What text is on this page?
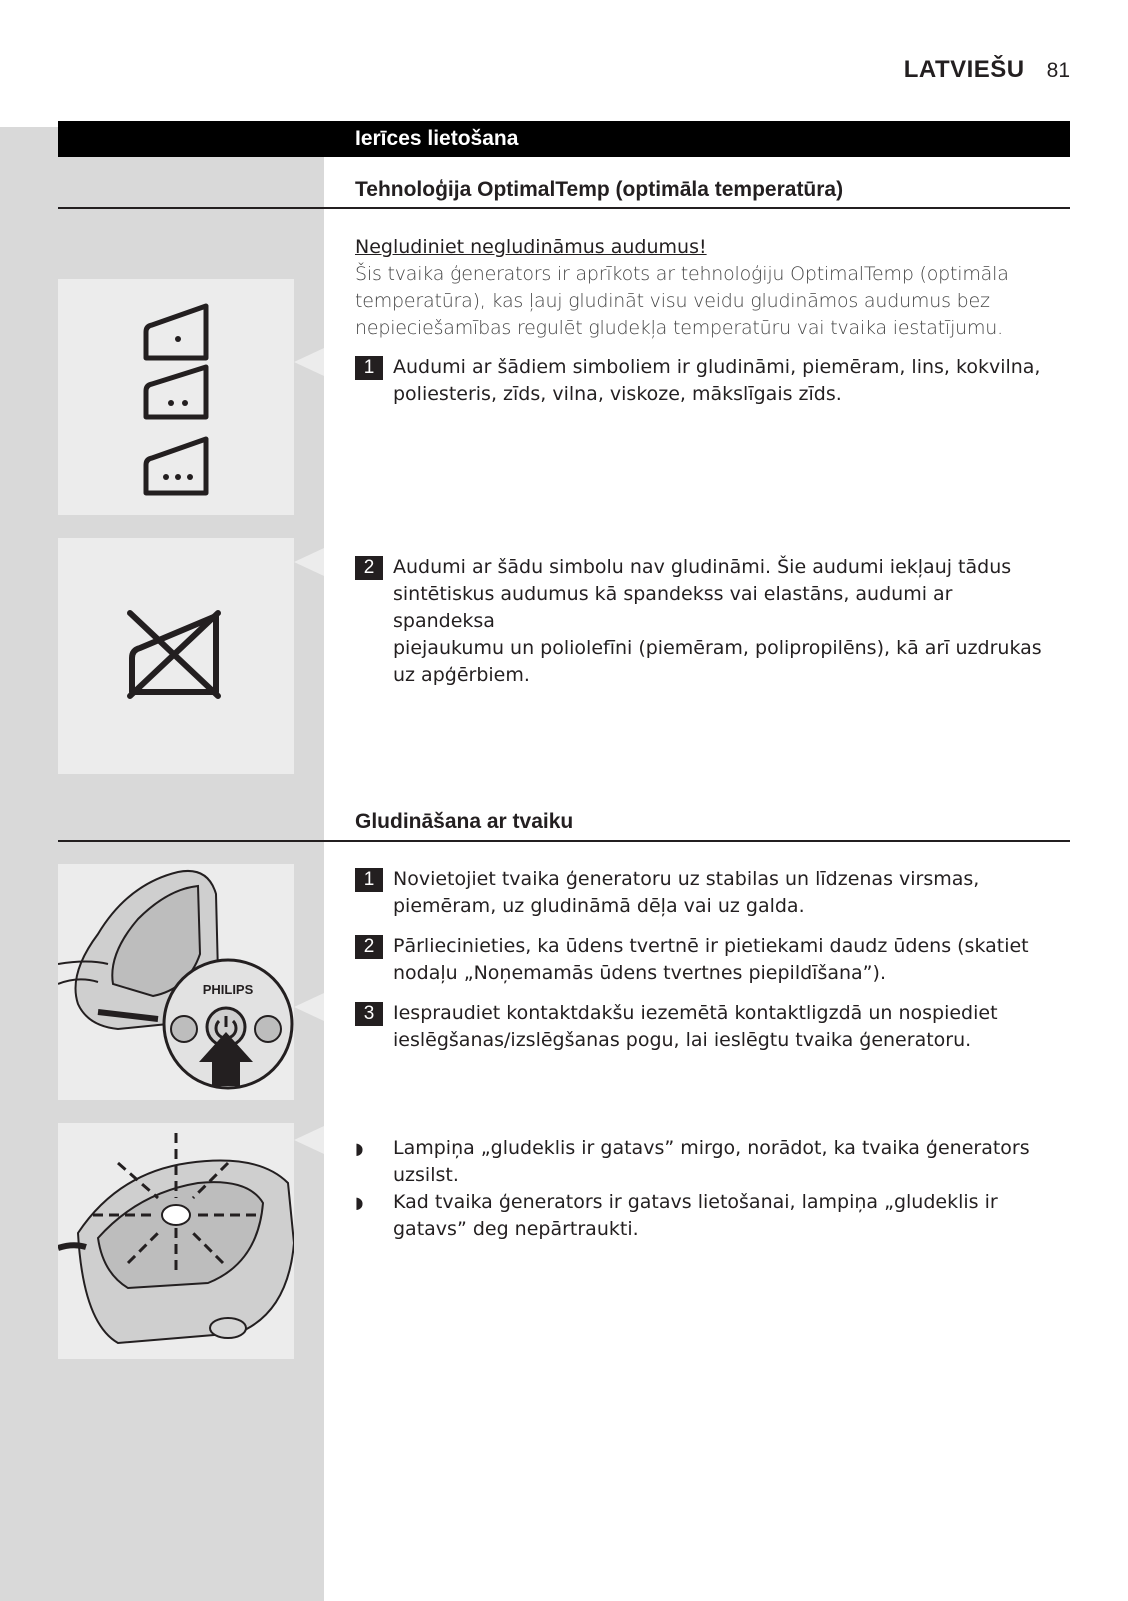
LATVIEŠU 81
Ierīces lietošana
Tehnoloģija OptimalTemp (optimāla temperatūra)
Negludiniet negludināmus audumus!
Šis tvaika ģenerators ir aprīkots ar tehnoloģiju OptimalTemp (optimāla
temperatūra), kas ļauj gludināt visu veidu gludināmos audumus bez
nepieciešamības regulēt gludekļa temperatūru vai tvaika iestatījumu.
1 Audumi ar šādiem simboliem ir gludināmi, piemēram, lins, kokvilna,
poliesteris, zīds, vilna, viskoze, mākslīgais zīds.
2 Audumi ar šādu simbolu nav gludināmi. Šie audumi iekļauj tādus
sintētiskus audumus kā spandekss vai elastāns, audumi ar spandeksa
piejaukumu un poliolefīni (piemēram, polipropilēns), kā arī uzdrukas
uz apģērbiem.
Gludināšana ar tvaiku
1 Novietojiet tvaika ģeneratoru uz stabilas un līdzenas virsmas,
piemēram, uz gludināmā dēļa vai uz galda.
2 Pārliecinieties, ka ūdens tvertnē ir pietiekami daudz ūdens (skatiet
nodaļu „Noņemamās ūdens tvertnes piepildīšana”).
3 Iespraudiet kontaktdakšu iezemētā kontaktligzdā un nospiediet
ieslēgšanas/izslēgšanas pogu, lai ieslēgtu tvaika ģeneratoru.
◗	Lampiņa „gludeklis ir gatavs” mirgo, norādot, ka tvaika ģenerators
uzsilst.
◗	Kad tvaika ģenerators ir gatavs lietošanai, lampiņa „gludeklis ir
gatavs” deg nepārtraukti.
PHILIPS
